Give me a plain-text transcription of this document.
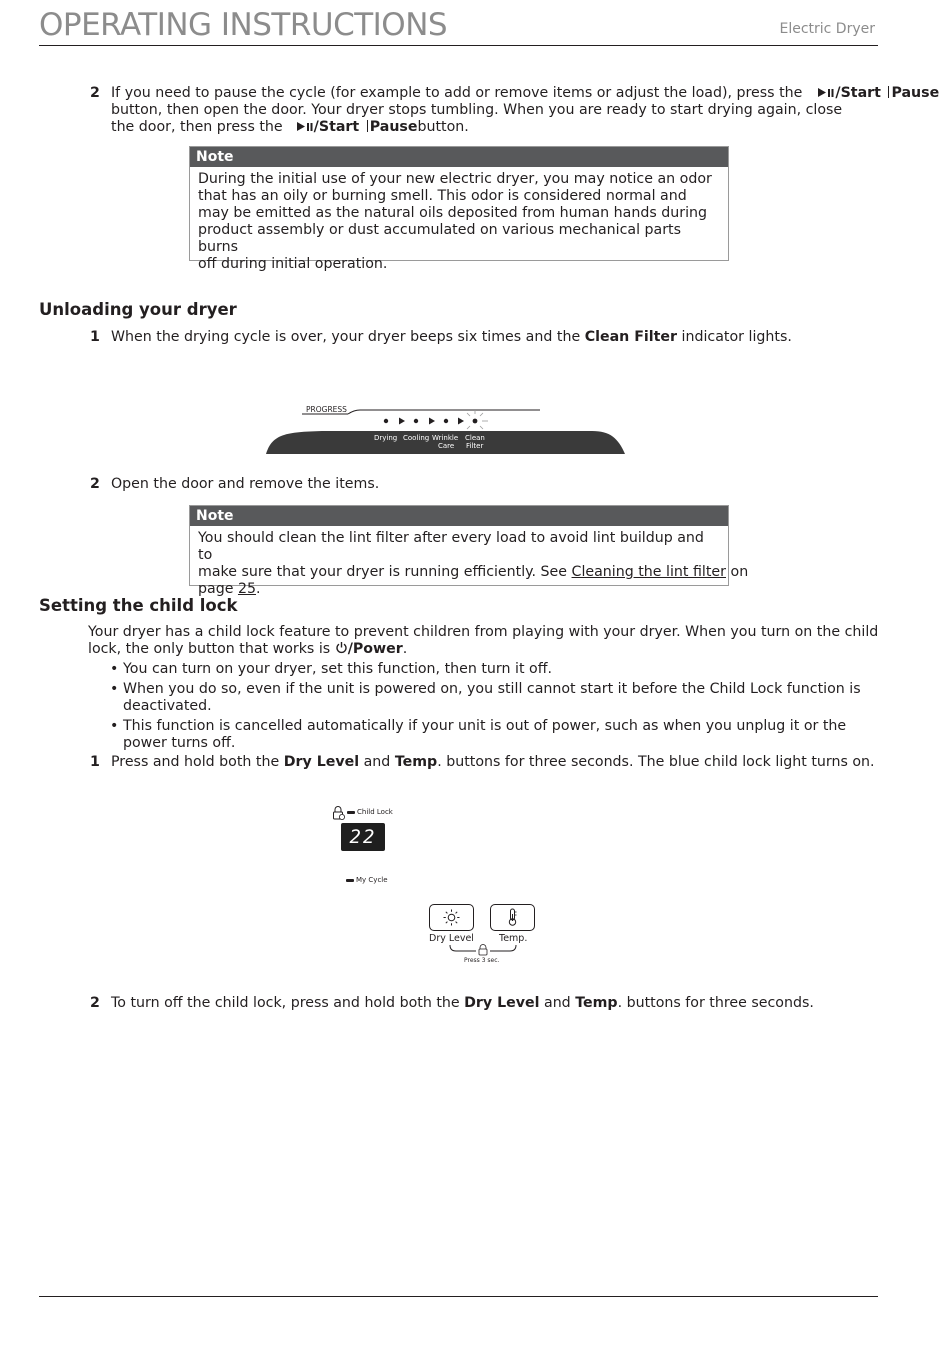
OPERATING INSTRUCTIONS	Electric Dryer
2 If you need to pause the cycle (for example to add or remove items or adjust the load), press the /Start Pause
button, then open the door. Your dryer stops tumbling. When you are ready to start drying again, close
the door, then press the /Start Pausebutton.
Note
During the initial use of your new electric dryer, you may notice an odor
that has an oily or burning smell. This odor is considered normal and
may be emitted as the natural oils deposited from human hands during
product assembly or dust accumulated on various mechanical parts burns
off during initial operation.
Unloading your dryer
1 When the drying cycle is over, your dryer beeps six times and the Clean Filter indicator lights.
PROGRESS
Drying Cooling Wrinkle
Care
Clean
Filter
2 Open the door and remove the items.
Note
You should clean the lint filter after every load to avoid lint buildup and to
make sure that your dryer is running efficiently. See Cleaning the lint filter on
page 25.
Setting the child lock
Your dryer has a child lock feature to prevent children from playing with your dryer. When you turn on the child
lock, the only button that works is /Power.
• You can turn on your dryer, set this function, then turn it off.
• When you do so, even if the unit is powered on, you still cannot start it before the Child Lock function is deactivated.
• This function is cancelled automatically if your unit is out of power, such as when you unplug it or the power turns off.
1 Press and hold both the Dry Level and Temp. buttons for three seconds. The blue child lock light turns on.
Child Lock
22
My Cycle
Dry Level	Temp.
Press 3 sec.
2 To turn off the child lock, press and hold both the Dry Level and Temp. buttons for three seconds.
